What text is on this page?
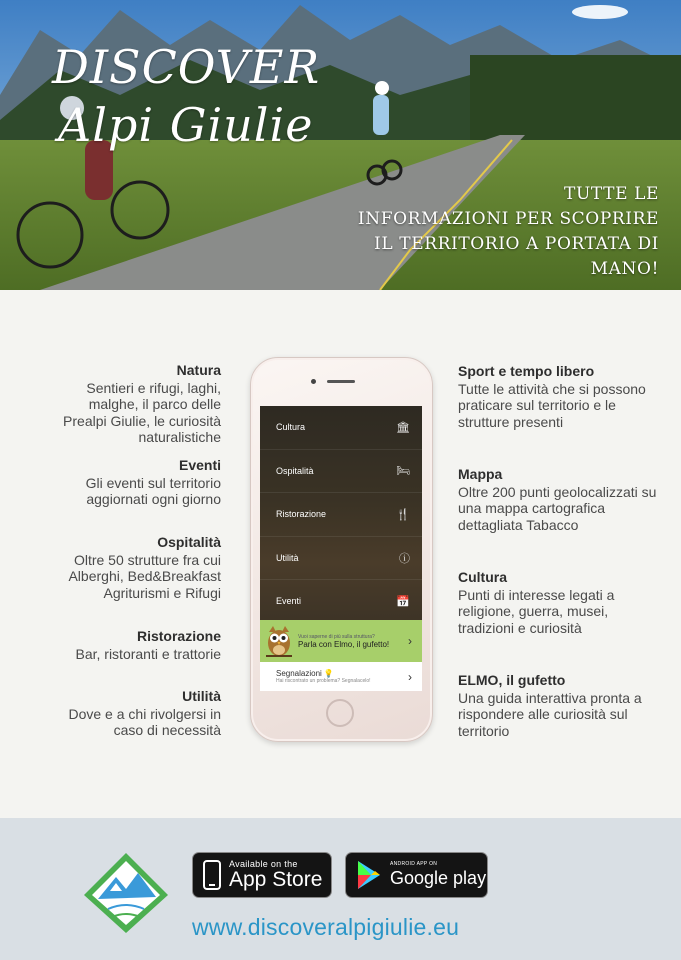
DISCOVER
Alpi Giulie

TUTTE LE
INFORMAZIONI PER SCOPRIRE
IL TERRITORIO A PORTATA DI MANO!

Natura

Sentieri e rifugi, laghi, malghe, il parco delle Prealpi Giulie, le curiosità naturalistiche

Eventi

Gli eventi sul territorio aggiornati ogni giorno

Ospitalità

Oltre 50 strutture fra cui Alberghi, Bed&Breakfast Agriturismi e Rifugi

Ristorazione

Bar, ristoranti e trattorie

Utilità

Dove e a chi rivolgersi in caso di necessità

Sport e tempo libero

Tutte le attività che si possono praticare sul territorio e le strutture presenti

Mappa

Oltre 200 punti geolocalizzati su una mappa cartografica dettagliata Tabacco

Cultura

Punti di interesse legati a religione, guerra, musei, tradizioni e curiosità

ELMO, il gufetto

Una guida interattiva pronta a rispondere alle curiosità sul territorio

Cultura	🏛
Ospitalità	🛏
Ristorazione	🍴
Utilità	ⓘ
Eventi	📅
Vuoi saperne di più sulla struttura?
Parla con Elmo, il gufetto!	›
Segnalazioni 💡
Hai riscontrato un problema? Segnalacelo!	›
Available on the
App Store
ANDROID APP ON
Google play
www.discoveralpigiulie.eu
